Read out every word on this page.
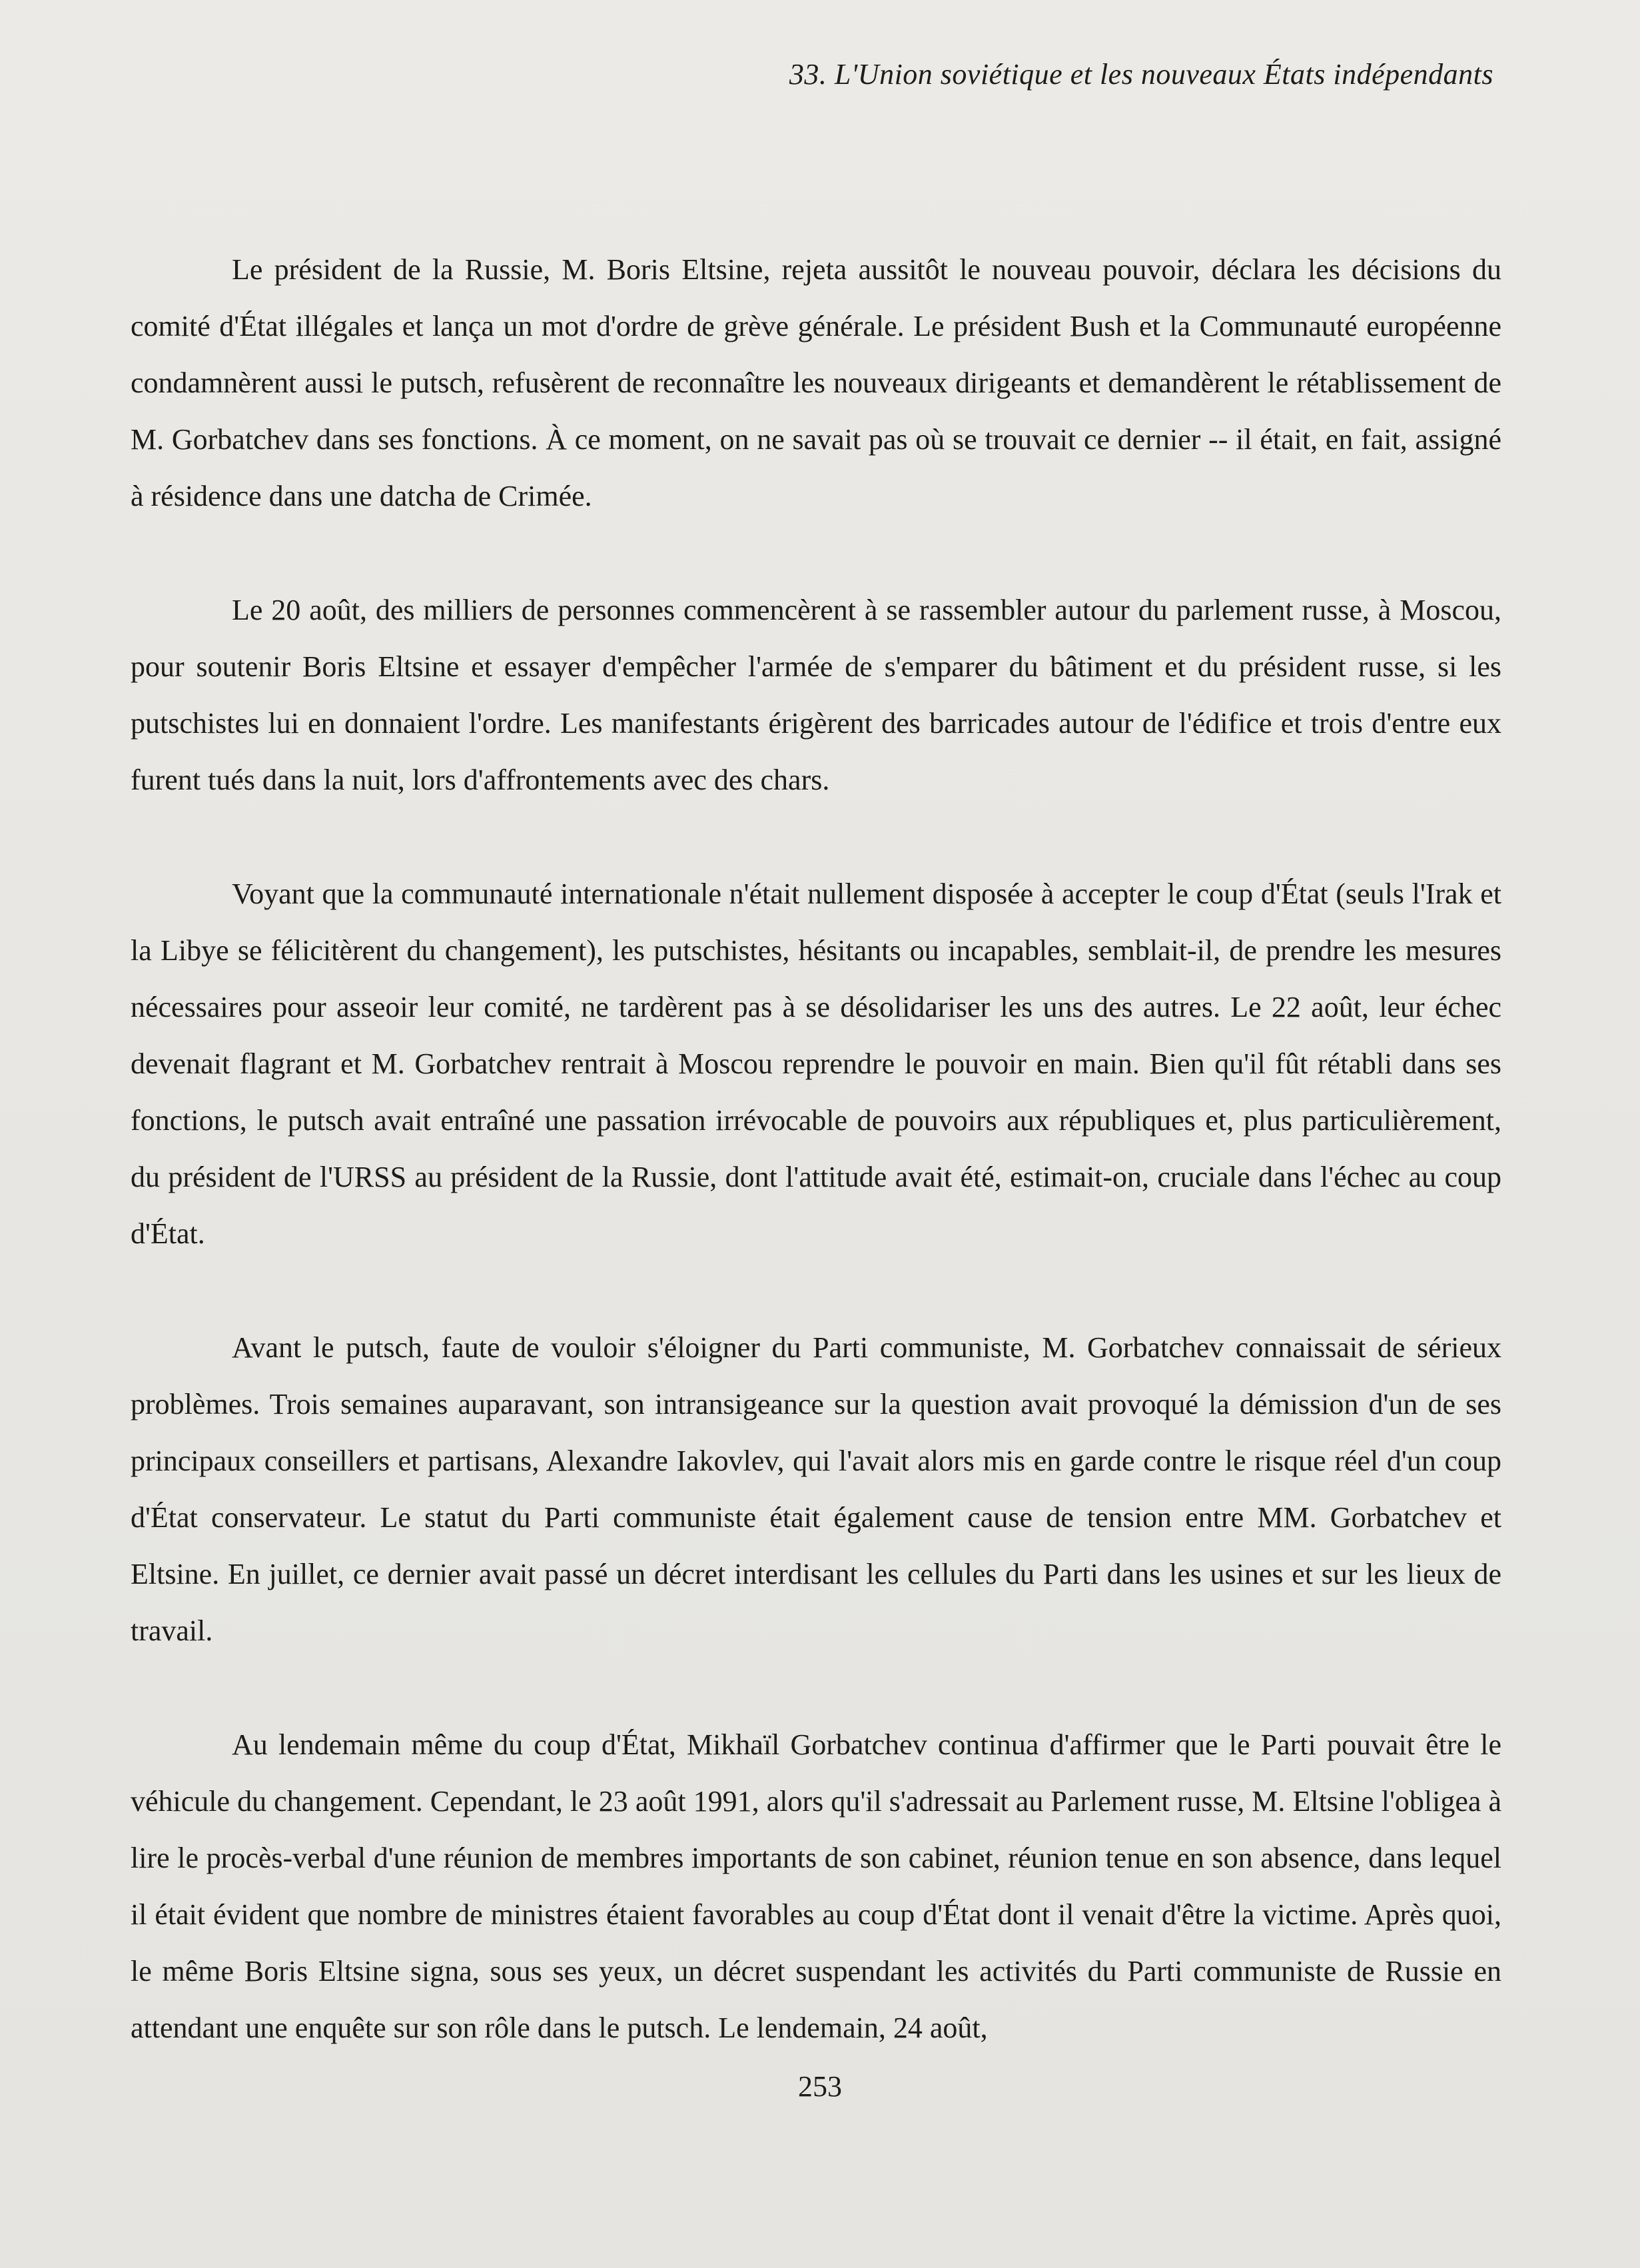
33. L'Union soviétique et les nouveaux États indépendants

Le président de la Russie, M. Boris Eltsine, rejeta aussitôt le nouveau pouvoir, déclara les décisions du comité d'État illégales et lança un mot d'ordre de grève générale. Le président Bush et la Communauté européenne condamnèrent aussi le putsch, refusèrent de reconnaître les nouveaux dirigeants et demandèrent le rétablissement de M. Gorbatchev dans ses fonctions. À ce moment, on ne savait pas où se trouvait ce dernier -- il était, en fait, assigné à résidence dans une datcha de Crimée.

Le 20 août, des milliers de personnes commencèrent à se rassembler autour du parlement russe, à Moscou, pour soutenir Boris Eltsine et essayer d'empêcher l'armée de s'emparer du bâtiment et du président russe, si les putschistes lui en donnaient l'ordre. Les manifestants érigèrent des barricades autour de l'édifice et trois d'entre eux furent tués dans la nuit, lors d'affrontements avec des chars.

Voyant que la communauté internationale n'était nullement disposée à accepter le coup d'État (seuls l'Irak et la Libye se félicitèrent du changement), les putschistes, hésitants ou incapables, semblait-il, de prendre les mesures nécessaires pour asseoir leur comité, ne tardèrent pas à se désolidariser les uns des autres. Le 22 août, leur échec devenait flagrant et M. Gorbatchev rentrait à Moscou reprendre le pouvoir en main. Bien qu'il fût rétabli dans ses fonctions, le putsch avait entraîné une passation irrévocable de pouvoirs aux républiques et, plus particulièrement, du président de l'URSS au président de la Russie, dont l'attitude avait été, estimait-on, cruciale dans l'échec au coup d'État.

Avant le putsch, faute de vouloir s'éloigner du Parti communiste, M. Gorbatchev connaissait de sérieux problèmes. Trois semaines auparavant, son intransigeance sur la question avait provoqué la démission d'un de ses principaux conseillers et partisans, Alexandre Iakovlev, qui l'avait alors mis en garde contre le risque réel d'un coup d'État conservateur. Le statut du Parti communiste était également cause de tension entre MM. Gorbatchev et Eltsine. En juillet, ce dernier avait passé un décret interdisant les cellules du Parti dans les usines et sur les lieux de travail.

Au lendemain même du coup d'État, Mikhaïl Gorbatchev continua d'affirmer que le Parti pouvait être le véhicule du changement. Cependant, le 23 août 1991, alors qu'il s'adressait au Parlement russe, M. Eltsine l'obligea à lire le procès-verbal d'une réunion de membres importants de son cabinet, réunion tenue en son absence, dans lequel il était évident que nombre de ministres étaient favorables au coup d'État dont il venait d'être la victime. Après quoi, le même Boris Eltsine signa, sous ses yeux, un décret suspendant les activités du Parti communiste de Russie en attendant une enquête sur son rôle dans le putsch. Le lendemain, 24 août,

253
